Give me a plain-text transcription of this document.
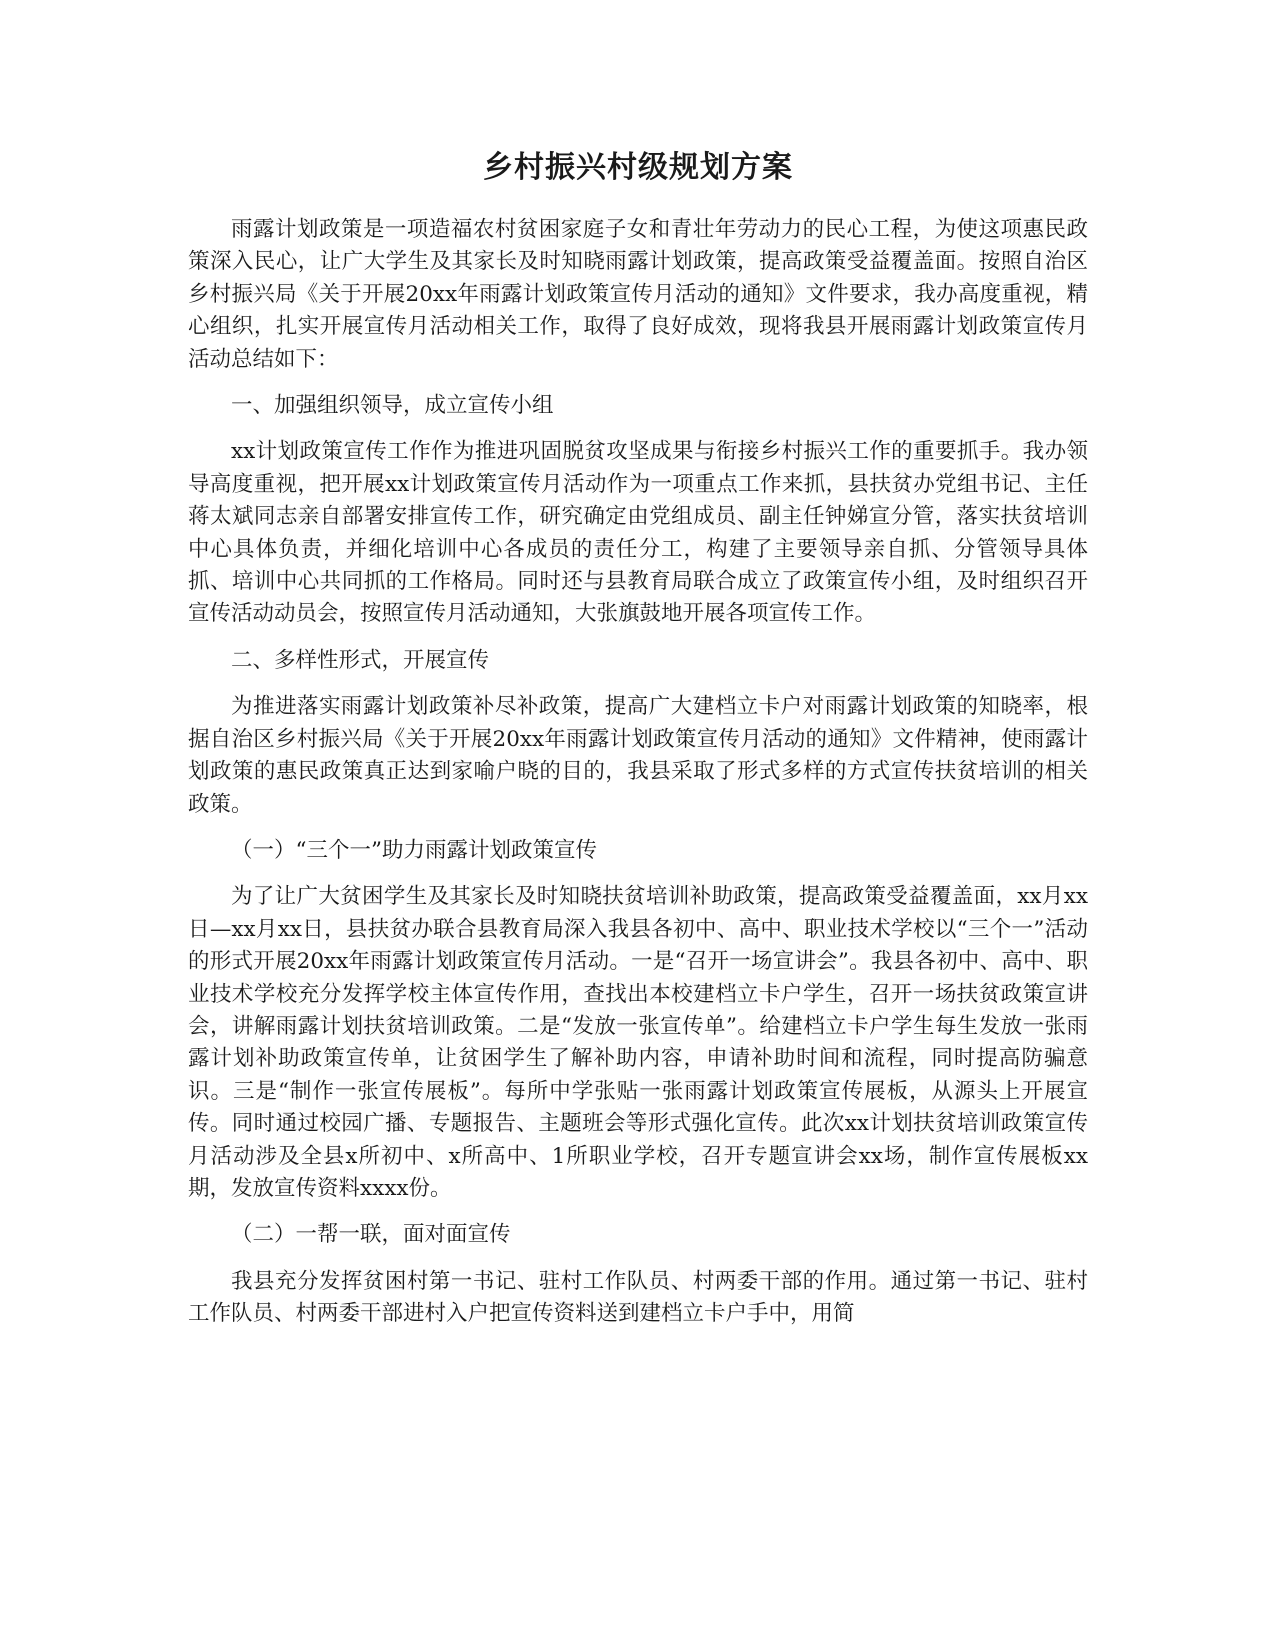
乡村振兴村级规划方案

雨露计划政策是一项造福农村贫困家庭子女和青壮年劳动力的民心工程，为使这项惠民政策深入民心，让广大学生及其家长及时知晓雨露计划政策，提高政策受益覆盖面。按照自治区乡村振兴局《关于开展20xx年雨露计划政策宣传月活动的通知》文件要求，我办高度重视，精心组织，扎实开展宣传月活动相关工作，取得了良好成效，现将我县开展雨露计划政策宣传月活动总结如下：

一、加强组织领导，成立宣传小组

xx计划政策宣传工作作为推进巩固脱贫攻坚成果与衔接乡村振兴工作的重要抓手。我办领导高度重视，把开展xx计划政策宣传月活动作为一项重点工作来抓，县扶贫办党组书记、主任蒋太斌同志亲自部署安排宣传工作，研究确定由党组成员、副主任钟娣宣分管，落实扶贫培训中心具体负责，并细化培训中心各成员的责任分工，构建了主要领导亲自抓、分管领导具体抓、培训中心共同抓的工作格局。同时还与县教育局联合成立了政策宣传小组，及时组织召开宣传活动动员会，按照宣传月活动通知，大张旗鼓地开展各项宣传工作。

二、多样性形式，开展宣传

为推进落实雨露计划政策补尽补政策，提高广大建档立卡户对雨露计划政策的知晓率，根据自治区乡村振兴局《关于开展20xx年雨露计划政策宣传月活动的通知》文件精神，使雨露计划政策的惠民政策真正达到家喻户晓的目的，我县采取了形式多样的方式宣传扶贫培训的相关政策。

（一）“三个一”助力雨露计划政策宣传

为了让广大贫困学生及其家长及时知晓扶贫培训补助政策，提高政策受益覆盖面，xx月xx日—xx月xx日，县扶贫办联合县教育局深入我县各初中、高中、职业技术学校以“三个一”活动的形式开展20xx年雨露计划政策宣传月活动。一是“召开一场宣讲会”。我县各初中、高中、职业技术学校充分发挥学校主体宣传作用，查找出本校建档立卡户学生，召开一场扶贫政策宣讲会，讲解雨露计划扶贫培训政策。二是“发放一张宣传单”。给建档立卡户学生每生发放一张雨露计划补助政策宣传单，让贫困学生了解补助内容，申请补助时间和流程，同时提高防骗意识。三是“制作一张宣传展板”。每所中学张贴一张雨露计划政策宣传展板，从源头上开展宣传。同时通过校园广播、专题报告、主题班会等形式强化宣传。此次xx计划扶贫培训政策宣传月活动涉及全县x所初中、x所高中、1所职业学校，召开专题宣讲会xx场，制作宣传展板xx期，发放宣传资料xxxx份。

（二）一帮一联，面对面宣传

我县充分发挥贫困村第一书记、驻村工作队员、村两委干部的作用。通过第一书记、驻村工作队员、村两委干部进村入户把宣传资料送到建档立卡户手中，用简
